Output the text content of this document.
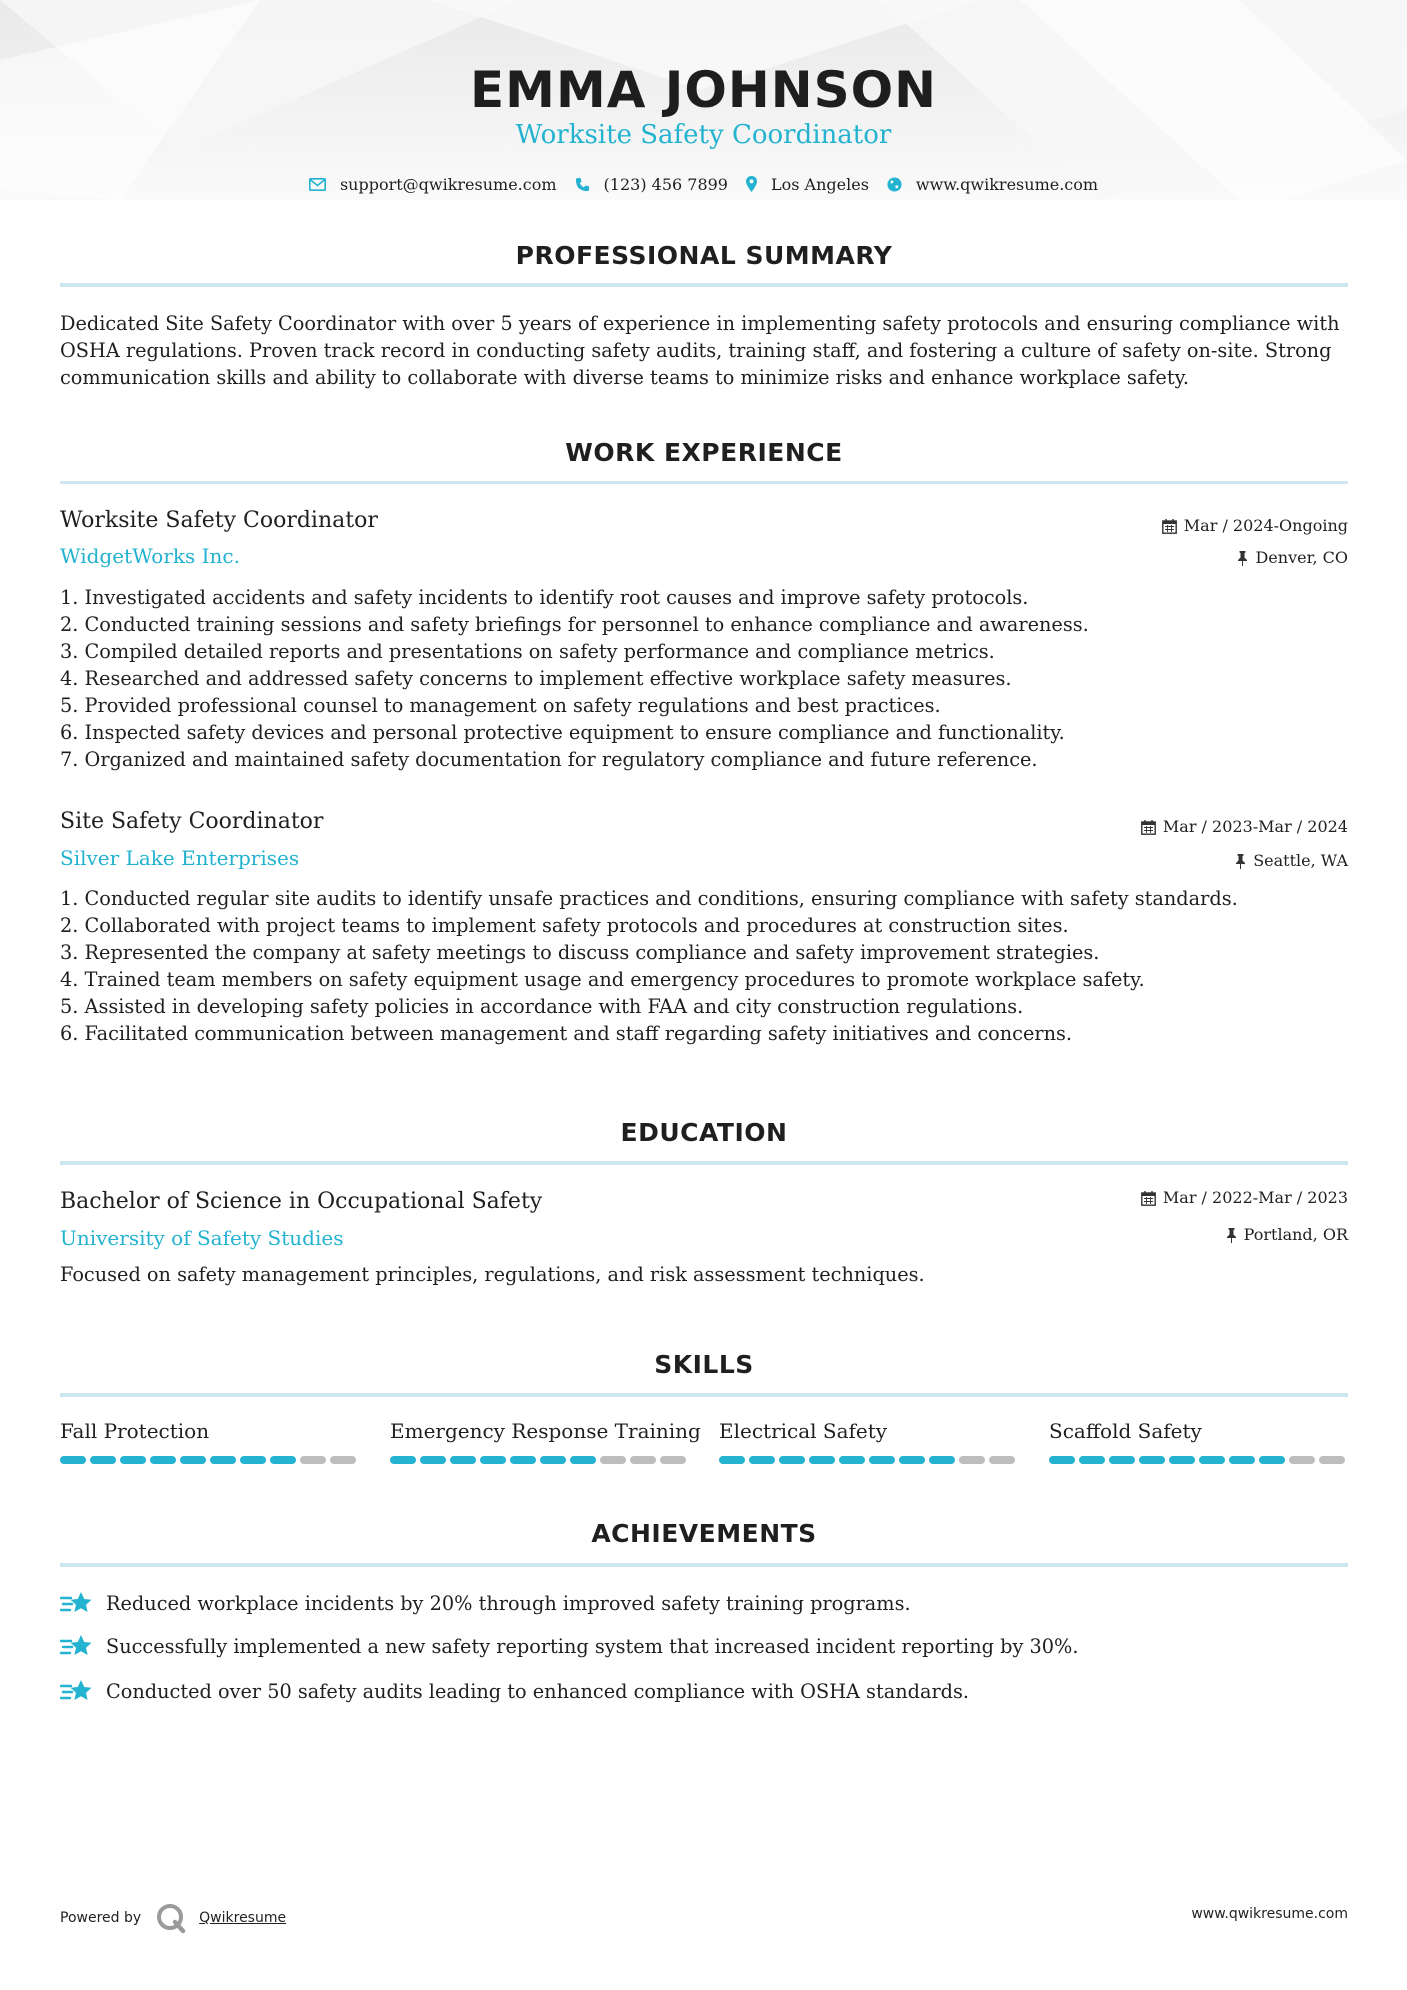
EMMA JOHNSON
Worksite Safety Coordinator
support@qwikresume.com	(123) 456 7899	Los Angeles	www.qwikresume.com
PROFESSIONAL SUMMARY
Dedicated Site Safety Coordinator with over 5 years of experience in implementing safety protocols and ensuring compliance with
OSHA regulations. Proven track record in conducting safety audits, training staff, and fostering a culture of safety on-site. Strong
communication skills and ability to collaborate with diverse teams to minimize risks and enhance workplace safety.
WORK EXPERIENCE
Worksite Safety Coordinator	Mar / 2024-Ongoing
WidgetWorks Inc.	Denver, CO
1. Investigated accidents and safety incidents to identify root causes and improve safety protocols.
2. Conducted training sessions and safety briefings for personnel to enhance compliance and awareness.
3. Compiled detailed reports and presentations on safety performance and compliance metrics.
4. Researched and addressed safety concerns to implement effective workplace safety measures.
5. Provided professional counsel to management on safety regulations and best practices.
6. Inspected safety devices and personal protective equipment to ensure compliance and functionality.
7. Organized and maintained safety documentation for regulatory compliance and future reference.
Site Safety Coordinator	Mar / 2023-Mar / 2024
Silver Lake Enterprises	Seattle, WA
1. Conducted regular site audits to identify unsafe practices and conditions, ensuring compliance with safety standards.
2. Collaborated with project teams to implement safety protocols and procedures at construction sites.
3. Represented the company at safety meetings to discuss compliance and safety improvement strategies.
4. Trained team members on safety equipment usage and emergency procedures to promote workplace safety.
5. Assisted in developing safety policies in accordance with FAA and city construction regulations.
6. Facilitated communication between management and staff regarding safety initiatives and concerns.
EDUCATION
Bachelor of Science in Occupational Safety	Mar / 2022-Mar / 2023
University of Safety Studies	Portland, OR
Focused on safety management principles, regulations, and risk assessment techniques.
SKILLS
Fall Protection	Emergency Response Training Electrical Safety	Scaffold Safety
ACHIEVEMENTS
Reduced workplace incidents by 20% through improved safety training programs.
Successfully implemented a new safety reporting system that increased incident reporting by 30%.
Conducted over 50 safety audits leading to enhanced compliance with OSHA standards.
Powered by	Qwikresume	www.qwikresume.com
